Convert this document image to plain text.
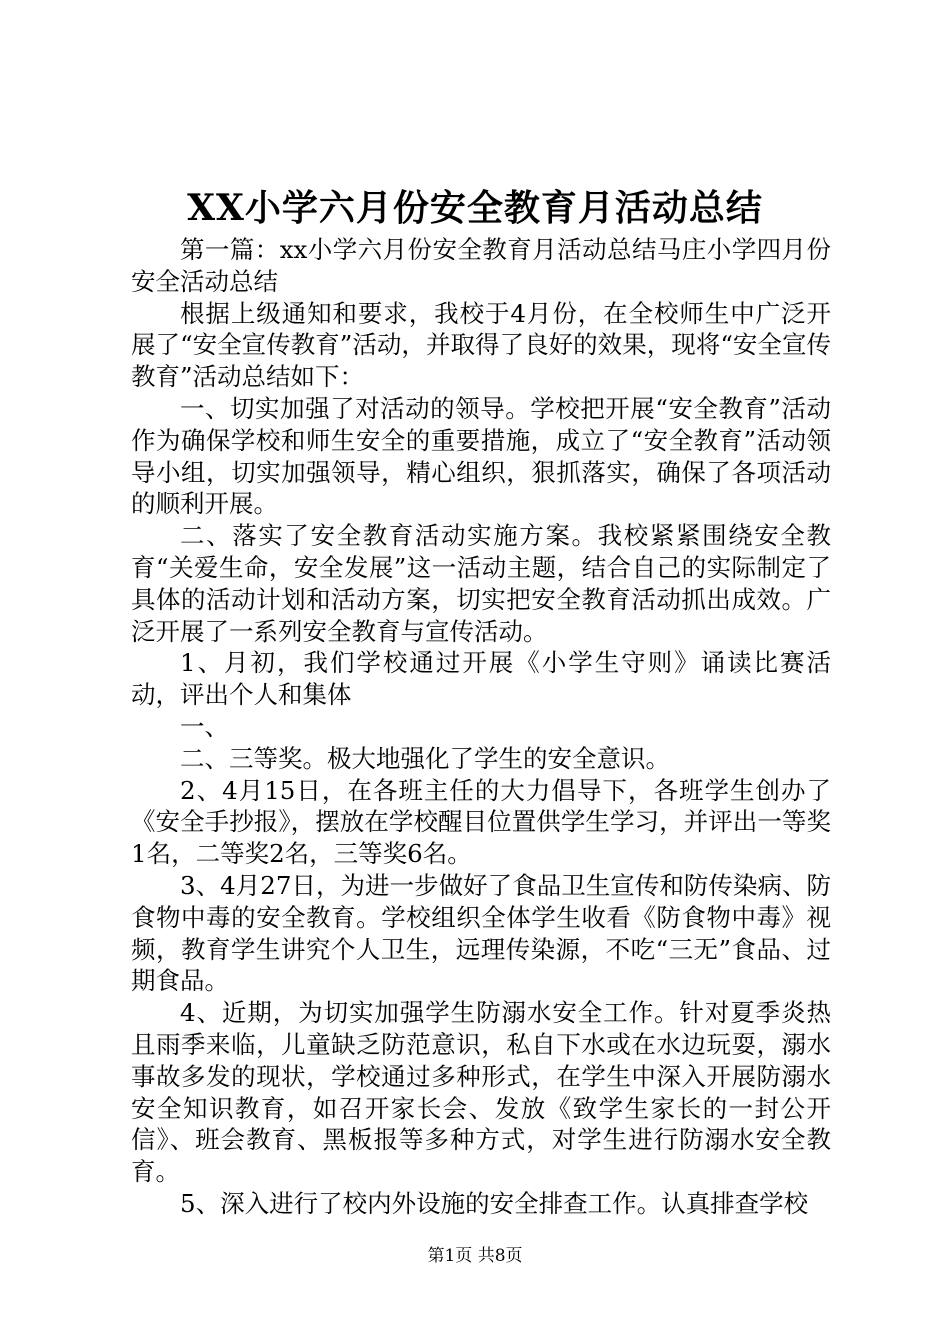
XX小学六月份安全教育月活动总结

第一篇：xx小学六月份安全教育月活动总结马庄小学四月份安全活动总结

根据上级通知和要求，我校于4月份，在全校师生中广泛开展了“安全宣传教育”活动，并取得了良好的效果，现将“安全宣传教育”活动总结如下：

一、切实加强了对活动的领导。学校把开展“安全教育”活动作为确保学校和师生安全的重要措施，成立了“安全教育”活动领导小组，切实加强领导，精心组织，狠抓落实，确保了各项活动的顺利开展。

二、落实了安全教育活动实施方案。我校紧紧围绕安全教育“关爱生命，安全发展”这一活动主题，结合自己的实际制定了具体的活动计划和活动方案，切实把安全教育活动抓出成效。广泛开展了一系列安全教育与宣传活动。

1、月初，我们学校通过开展《小学生守则》诵读比赛活动，评出个人和集体

一、

二、三等奖。极大地强化了学生的安全意识。

2、4月15日，在各班主任的大力倡导下，各班学生创办了《安全手抄报》，摆放在学校醒目位置供学生学习，并评出一等奖1名，二等奖2名，三等奖6名。

3、4月27日，为进一步做好了食品卫生宣传和防传染病、防食物中毒的安全教育。学校组织全体学生收看《防食物中毒》视频，教育学生讲究个人卫生，远理传染源，不吃“三无”食品、过期食品。

4、近期，为切实加强学生防溺水安全工作。针对夏季炎热且雨季来临，儿童缺乏防范意识，私自下水或在水边玩耍，溺水事故多发的现状，学校通过多种形式，在学生中深入开展防溺水安全知识教育，如召开家长会、发放《致学生家长的一封公开信》、班会教育、黑板报等多种方式，对学生进行防溺水安全教育。

5、深入进行了校内外设施的安全排查工作。认真排查学校

第1页 共8页
